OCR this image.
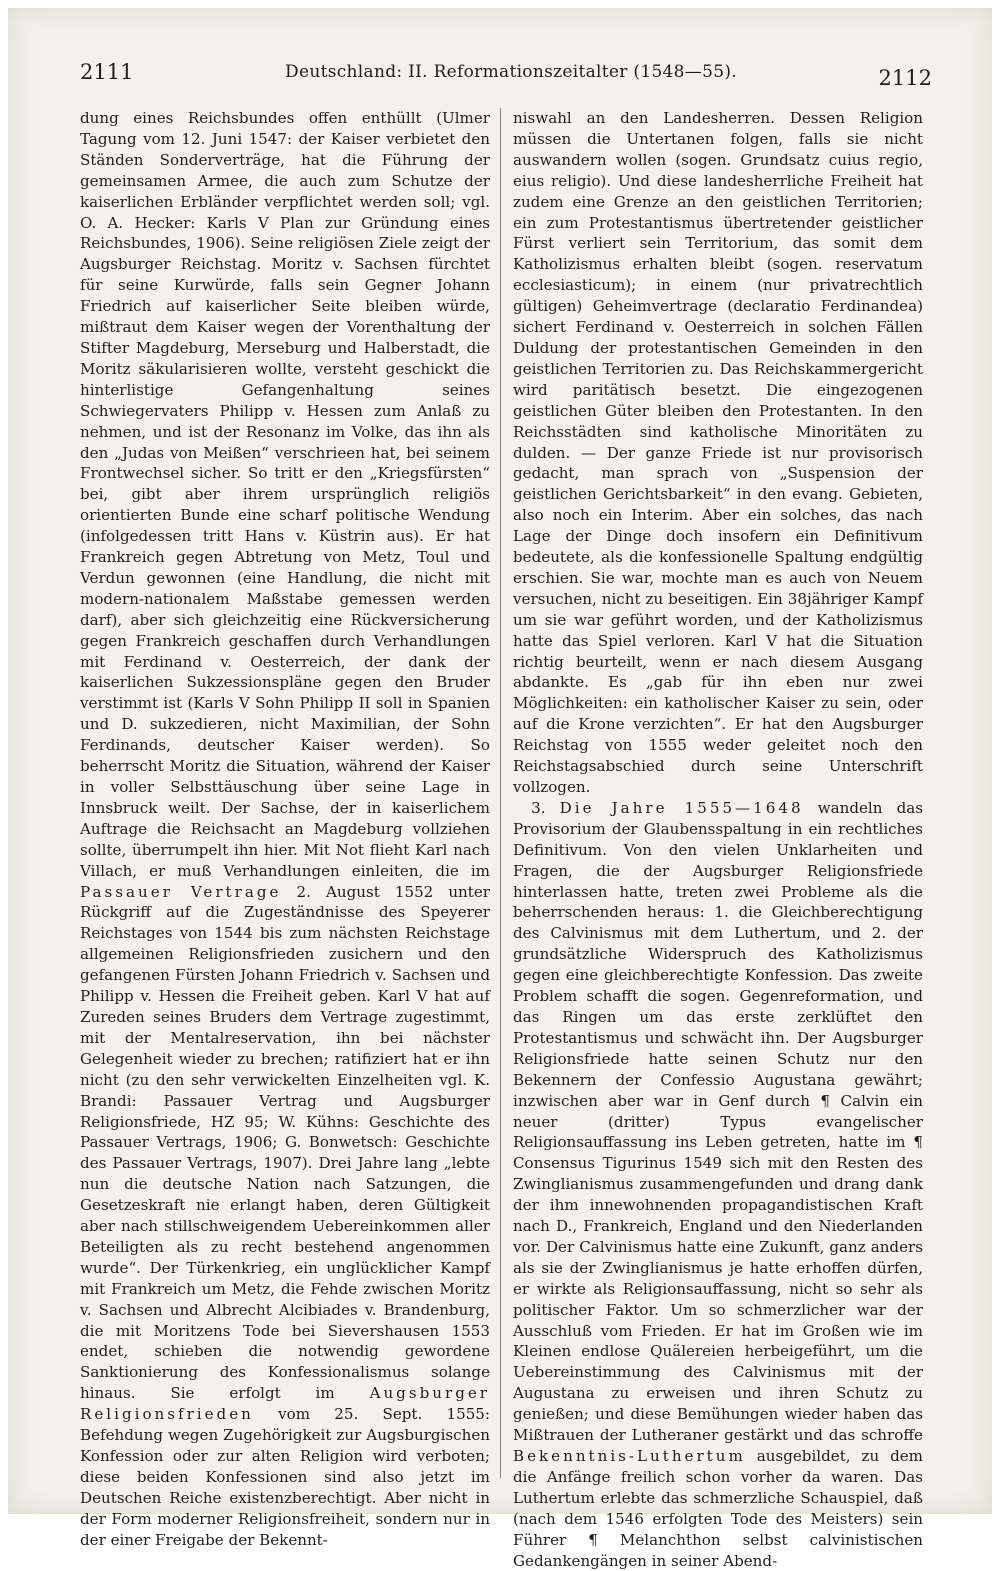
2111	Deutschland: II. Reformationszeitalter (1548—55).	2112

dung eines Reichsbundes offen enthüllt (Ulmer Tagung vom 12. Juni 1547: der Kaiser verbietet den Ständen Sonderverträge, hat die Führung der gemeinsamen Armee, die auch zum Schutze der kaiserlichen Erbländer verpflichtet werden soll; vgl. O. A. Hecker: Karls V Plan zur Gründung eines Reichsbundes, 1906). Seine religiösen Ziele zeigt der Augsburger Reichstag. Moritz v. Sachsen fürchtet für seine Kurwürde, falls sein Gegner Johann Friedrich auf kaiserlicher Seite bleiben würde, mißtraut dem Kaiser wegen der Vorenthaltung der Stifter Magdeburg, Merseburg und Halberstadt, die Moritz säkularisieren wollte, versteht geschickt die hinterlistige Gefangenhaltung seines Schwiegervaters Philipp v. Hessen zum Anlaß zu nehmen, und ist der Resonanz im Volke, das ihn als den „Judas von Meißen“ verschrieen hat, bei seinem Frontwechsel sicher. So tritt er den „Kriegsfürsten“ bei, gibt aber ihrem ursprünglich religiös orientierten Bunde eine scharf politische Wendung (infolgedessen tritt Hans v. Küstrin aus). Er hat Frankreich gegen Abtretung von Metz, Toul und Verdun gewonnen (eine Handlung, die nicht mit modern-nationalem Maßstabe gemessen werden darf), aber sich gleichzeitig eine Rückversicherung gegen Frankreich geschaffen durch Verhandlungen mit Ferdinand v. Oesterreich, der dank der kaiserlichen Sukzessionspläne gegen den Bruder verstimmt ist (Karls V Sohn Philipp II soll in Spanien und D. sukzedieren, nicht Maximilian, der Sohn Ferdinands, deutscher Kaiser werden). So beherrscht Moritz die Situation, während der Kaiser in voller Selbsttäuschung über seine Lage in Innsbruck weilt. Der Sachse, der in kaiserlichem Auftrage die Reichsacht an Magdeburg vollziehen sollte, überrumpelt ihn hier. Mit Not flieht Karl nach Villach, er muß Verhandlungen einleiten, die im Passauer Vertrage 2. August 1552 unter Rückgriff auf die Zugeständnisse des Speyerer Reichstages von 1544 bis zum nächsten Reichstage allgemeinen Religionsfrieden zusichern und den gefangenen Fürsten Johann Friedrich v. Sachsen und Philipp v. Hessen die Freiheit geben. Karl V hat auf Zureden seines Bruders dem Vertrage zugestimmt, mit der Mentalreservation, ihn bei nächster Gelegenheit wieder zu brechen; ratifiziert hat er ihn nicht (zu den sehr verwickelten Einzelheiten vgl. K. Brandi: Passauer Vertrag und Augsburger Religionsfriede, HZ 95; W. Kühns: Geschichte des Passauer Vertrags, 1906; G. Bonwetsch: Geschichte des Passauer Vertrags, 1907). Drei Jahre lang „lebte nun die deutsche Nation nach Satzungen, die Gesetzeskraft nie erlangt haben, deren Gültigkeit aber nach stillschweigendem Uebereinkommen aller Beteiligten als zu recht bestehend angenommen wurde“. Der Türkenkrieg, ein unglücklicher Kampf mit Frankreich um Metz, die Fehde zwischen Moritz v. Sachsen und Albrecht Alcibiades v. Brandenburg, die mit Moritzens Tode bei Sievershausen 1553 endet, schieben die notwendig gewordene Sanktionierung des Konfessionalismus solange hinaus. Sie erfolgt im Augsburger Religionsfrieden vom 25. Sept. 1555: Befehdung wegen Zugehörigkeit zur Augsburgischen Konfession oder zur alten Religion wird verboten; diese beiden Konfessionen sind also jetzt im Deutschen Reiche existenzberechtigt. Aber nicht in der Form moderner Religionsfreiheit, sondern nur in der einer Freigabe der Bekennt-

niswahl an den Landesherren. Dessen Religion müssen die Untertanen folgen, falls sie nicht auswandern wollen (sogen. Grundsatz cuius regio, eius religio). Und diese landesherrliche Freiheit hat zudem eine Grenze an den geistlichen Territorien; ein zum Protestantismus übertretender geistlicher Fürst verliert sein Territorium, das somit dem Katholizismus erhalten bleibt (sogen. reservatum ecclesiasticum); in einem (nur privatrechtlich gültigen) Geheimvertrage (declaratio Ferdinandea) sichert Ferdinand v. Oesterreich in solchen Fällen Duldung der protestantischen Gemeinden in den geistlichen Territorien zu. Das Reichskammergericht wird paritätisch besetzt. Die eingezogenen geistlichen Güter bleiben den Protestanten. In den Reichsstädten sind katholische Minoritäten zu dulden. — Der ganze Friede ist nur provisorisch gedacht, man sprach von „Suspension der geistlichen Gerichtsbarkeit“ in den evang. Gebieten, also noch ein Interim. Aber ein solches, das nach Lage der Dinge doch insofern ein Definitivum bedeutete, als die konfessionelle Spaltung endgültig erschien. Sie war, mochte man es auch von Neuem versuchen, nicht zu beseitigen. Ein 38jähriger Kampf um sie war geführt worden, und der Katholizismus hatte das Spiel verloren. Karl V hat die Situation richtig beurteilt, wenn er nach diesem Ausgang abdankte. Es „gab für ihn eben nur zwei Möglichkeiten: ein katholischer Kaiser zu sein, oder auf die Krone verzichten“. Er hat den Augsburger Reichstag von 1555 weder geleitet noch den Reichstagsabschied durch seine Unterschrift vollzogen.

3. Die Jahre 1555—1648 wandeln das Provisorium der Glaubensspaltung in ein rechtliches Definitivum. Von den vielen Unklarheiten und Fragen, die der Augsburger Religionsfriede hinterlassen hatte, treten zwei Probleme als die beherrschenden heraus: 1. die Gleichberechtigung des Calvinismus mit dem Luthertum, und 2. der grundsätzliche Widerspruch des Katholizismus gegen eine gleichberechtigte Konfession. Das zweite Problem schafft die sogen. Gegenreformation, und das Ringen um das erste zerklüftet den Protestantismus und schwächt ihn. Der Augsburger Religionsfriede hatte seinen Schutz nur den Bekennern der Confessio Augustana gewährt; inzwischen aber war in Genf durch ¶ Calvin ein neuer (dritter) Typus evangelischer Religionsauffassung ins Leben getreten, hatte im ¶ Consensus Tigurinus 1549 sich mit den Resten des Zwinglianismus zusammengefunden und drang dank der ihm innewohnenden propagandistischen Kraft nach D., Frankreich, England und den Niederlanden vor. Der Calvinismus hatte eine Zukunft, ganz anders als sie der Zwinglianismus je hatte erhoffen dürfen, er wirkte als Religionsauffassung, nicht so sehr als politischer Faktor. Um so schmerzlicher war der Ausschluß vom Frieden. Er hat im Großen wie im Kleinen endlose Quälereien herbeigeführt, um die Uebereinstimmung des Calvinismus mit der Augustana zu erweisen und ihren Schutz zu genießen; und diese Bemühungen wieder haben das Mißtrauen der Lutheraner gestärkt und das schroffe Bekenntnis-Luthertum ausgebildet, zu dem die Anfänge freilich schon vorher da waren. Das Luthertum erlebte das schmerzliche Schauspiel, daß (nach dem 1546 erfolgten Tode des Meisters) sein Führer ¶ Melanchthon selbst calvinistischen Gedankengängen in seiner Abend-
